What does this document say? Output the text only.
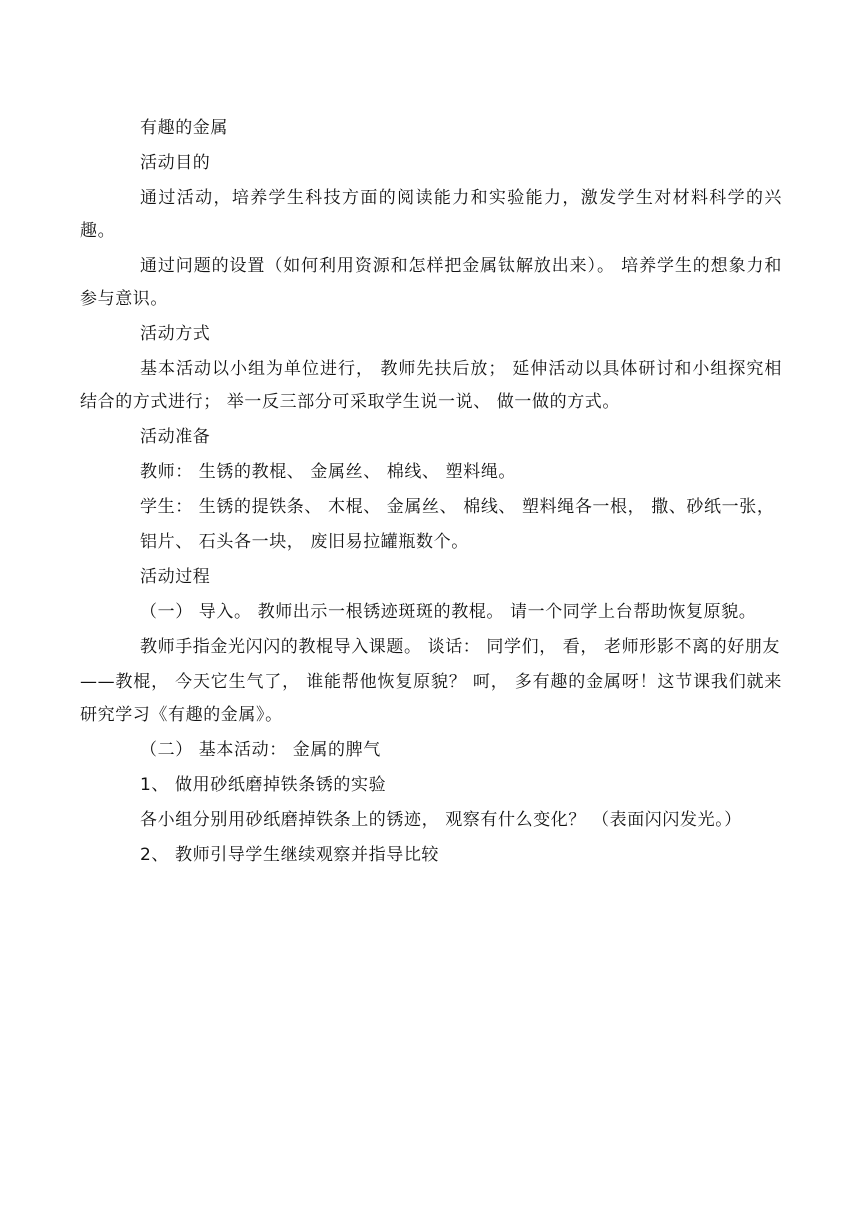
有趣的金属

活动目的

通过活动，培养学生科技方面的阅读能力和实验能力，激发学生对材料科学的兴趣。

通过问题的设置（如何利用资源和怎样把金属钛解放出来）。 培养学生的想象力和参与意识。

活动方式

基本活动以小组为单位进行， 教师先扶后放； 延伸活动以具体研讨和小组探究相结合的方式进行； 举一反三部分可采取学生说一说、 做一做的方式。

活动准备

教师： 生锈的教棍、 金属丝、 棉线、 塑料绳。

学生： 生锈的提铁条、 木棍、 金属丝、 棉线、 塑料绳各一根， 撒、砂纸一张，

铝片、 石头各一块， 废旧易拉罐瓶数个。

活动过程

（一） 导入。 教师出示一根锈迹斑斑的教棍。 请一个同学上台帮助恢复原貌。

教师手指金光闪闪的教棍导入课题。 谈话： 同学们， 看， 老师形影不离的好朋友

——教棍， 今天它生气了， 谁能帮他恢复原貌？ 呵， 多有趣的金属呀！这节课我们就来研究学习《有趣的金属》。

（二） 基本活动： 金属的脾气

1、 做用砂纸磨掉铁条锈的实验

各小组分别用砂纸磨掉铁条上的锈迹， 观察有什么变化？ （表面闪闪发光。）

2、 教师引导学生继续观察并指导比较
